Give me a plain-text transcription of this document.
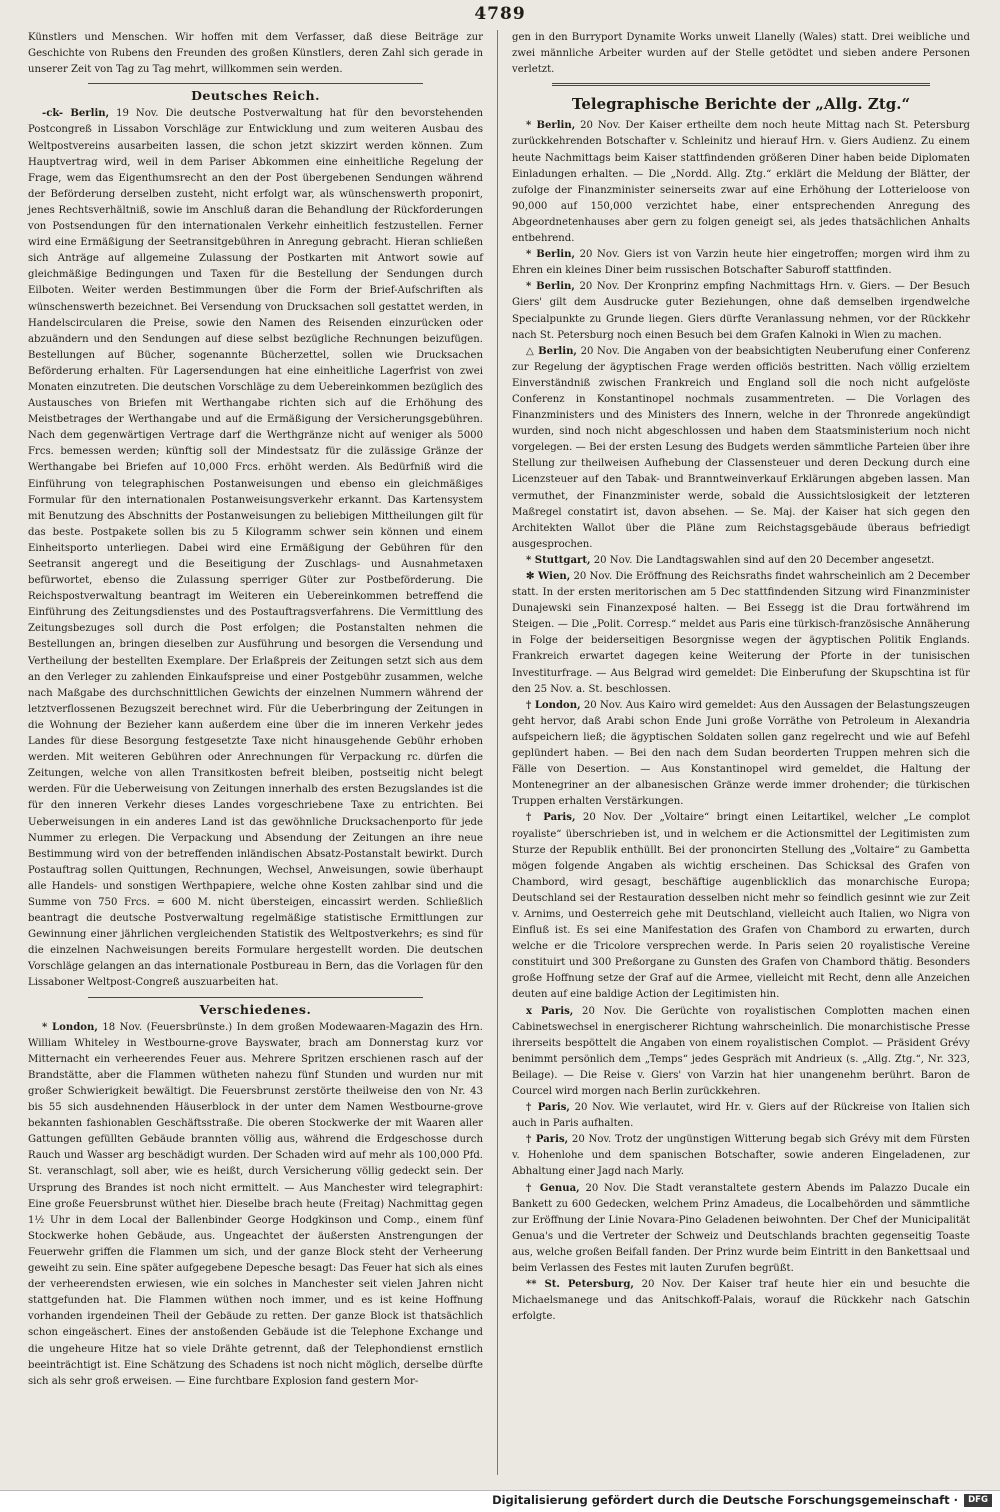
4789

Künstlers und Menschen. Wir hoffen mit dem Verfasser, daß diese Beiträge zur Geschichte von Rubens den Freunden des großen Künstlers, deren Zahl sich gerade in unserer Zeit von Tag zu Tag mehrt, willkommen sein werden.

Deutsches Reich.

-ck- Berlin, 19 Nov. Die deutsche Postverwaltung hat für den bevorstehenden Postcongreß in Lissabon Vorschläge zur Entwicklung und zum weiteren Ausbau des Weltpostvereins ausarbeiten lassen, die schon jetzt skizzirt werden können. Zum Hauptvertrag wird, weil in dem Pariser Abkommen eine einheitliche Regelung der Frage, wem das Eigenthumsrecht an den der Post übergebenen Sendungen während der Beförderung derselben zusteht, nicht erfolgt war, als wünschenswerth proponirt, jenes Rechtsverhältniß, sowie im Anschluß daran die Behandlung der Rückforderungen von Postsendungen für den internationalen Verkehr einheitlich festzustellen. Ferner wird eine Ermäßigung der Seetransitgebühren in Anregung gebracht. Hieran schließen sich Anträge auf allgemeine Zulassung der Postkarten mit Antwort sowie auf gleichmäßige Bedingungen und Taxen für die Bestellung der Sendungen durch Eilboten. Weiter werden Bestimmungen über die Form der Brief-Aufschriften als wünschenswerth bezeichnet. Bei Versendung von Drucksachen soll gestattet werden, in Handelscircularen die Preise, sowie den Namen des Reisenden einzurücken oder abzuändern und den Sendungen auf diese selbst bezügliche Rechnungen beizufügen. Bestellungen auf Bücher, sogenannte Bücherzettel, sollen wie Drucksachen Beförderung erhalten. Für Lagersendungen hat eine einheitliche Lagerfrist von zwei Monaten einzutreten. Die deutschen Vorschläge zu dem Uebereinkommen bezüglich des Austausches von Briefen mit Werthangabe richten sich auf die Erhöhung des Meistbetrages der Werthangabe und auf die Ermäßigung der Versicherungsgebühren. Nach dem gegenwärtigen Vertrage darf die Werthgränze nicht auf weniger als 5000 Frcs. bemessen werden; künftig soll der Mindestsatz für die zulässige Gränze der Werthangabe bei Briefen auf 10,000 Frcs. erhöht werden. Als Bedürfniß wird die Einführung von telegraphischen Postanweisungen und ebenso ein gleichmäßiges Formular für den internationalen Postanweisungsverkehr erkannt. Das Kartensystem mit Benutzung des Abschnitts der Postanweisungen zu beliebigen Mittheilungen gilt für das beste. Postpakete sollen bis zu 5 Kilogramm schwer sein können und einem Einheitsporto unterliegen. Dabei wird eine Ermäßigung der Gebühren für den Seetransit angeregt und die Beseitigung der Zuschlags- und Ausnahmetaxen befürwortet, ebenso die Zulassung sperriger Güter zur Postbeförderung. Die Reichspostverwaltung beantragt im Weiteren ein Uebereinkommen betreffend die Einführung des Zeitungsdienstes und des Postauftragsverfahrens. Die Vermittlung des Zeitungsbezuges soll durch die Post erfolgen; die Postanstalten nehmen die Bestellungen an, bringen dieselben zur Ausführung und besorgen die Versendung und Vertheilung der bestellten Exemplare. Der Erlaßpreis der Zeitungen setzt sich aus dem an den Verleger zu zahlenden Einkaufspreise und einer Postgebühr zusammen, welche nach Maßgabe des durchschnittlichen Gewichts der einzelnen Nummern während der letztverflossenen Bezugszeit berechnet wird. Für die Ueberbringung der Zeitungen in die Wohnung der Bezieher kann außerdem eine über die im inneren Verkehr jedes Landes für diese Besorgung festgesetzte Taxe nicht hinausgehende Gebühr erhoben werden. Mit weiteren Gebühren oder Anrechnungen für Verpackung rc. dürfen die Zeitungen, welche von allen Transitkosten befreit bleiben, postseitig nicht belegt werden. Für die Ueberweisung von Zeitungen innerhalb des ersten Bezugslandes ist die für den inneren Verkehr dieses Landes vorgeschriebene Taxe zu entrichten. Bei Ueberweisungen in ein anderes Land ist das gewöhnliche Drucksachenporto für jede Nummer zu erlegen. Die Verpackung und Absendung der Zeitungen an ihre neue Bestimmung wird von der betreffenden inländischen Absatz-Postanstalt bewirkt. Durch Postauftrag sollen Quittungen, Rechnungen, Wechsel, Anweisungen, sowie überhaupt alle Handels- und sonstigen Werthpapiere, welche ohne Kosten zahlbar sind und die Summe von 750 Frcs. = 600 M. nicht übersteigen, eincassirt werden. Schließlich beantragt die deutsche Postverwaltung regelmäßige statistische Ermittlungen zur Gewinnung einer jährlichen vergleichenden Statistik des Weltpostverkehrs; es sind für die einzelnen Nachweisungen bereits Formulare hergestellt worden. Die deutschen Vorschläge gelangen an das internationale Postbureau in Bern, das die Vorlagen für den Lissaboner Weltpost-Congreß auszuarbeiten hat.

Verschiedenes.

* London, 18 Nov. (Feuersbrünste.) In dem großen Modewaaren-Magazin des Hrn. William Whiteley in Westbourne-grove Bayswater, brach am Donnerstag kurz vor Mitternacht ein verheerendes Feuer aus. Mehrere Spritzen erschienen rasch auf der Brandstätte, aber die Flammen wütheten nahezu fünf Stunden und wurden nur mit großer Schwierigkeit bewältigt. Die Feuersbrunst zerstörte theilweise den von Nr. 43 bis 55 sich ausdehnenden Häuserblock in der unter dem Namen Westbourne-grove bekannten fashionablen Geschäftsstraße. Die oberen Stockwerke der mit Waaren aller Gattungen gefüllten Gebäude brannten völlig aus, während die Erdgeschosse durch Rauch und Wasser arg beschädigt wurden. Der Schaden wird auf mehr als 100,000 Pfd. St. veranschlagt, soll aber, wie es heißt, durch Versicherung völlig gedeckt sein. Der Ursprung des Brandes ist noch nicht ermittelt. — Aus Manchester wird telegraphirt: Eine große Feuersbrunst wüthet hier. Dieselbe brach heute (Freitag) Nachmittag gegen 1½ Uhr in dem Local der Ballenbinder George Hodgkinson und Comp., einem fünf Stockwerke hohen Gebäude, aus. Ungeachtet der äußersten Anstrengungen der Feuerwehr griffen die Flammen um sich, und der ganze Block steht der Verheerung geweiht zu sein. Eine später aufgegebene Depesche besagt: Das Feuer hat sich als eines der verheerendsten erwiesen, wie ein solches in Manchester seit vielen Jahren nicht stattgefunden hat. Die Flammen wüthen noch immer, und es ist keine Hoffnung vorhanden irgendeinen Theil der Gebäude zu retten. Der ganze Block ist thatsächlich schon eingeäschert. Eines der anstoßenden Gebäude ist die Telephone Exchange und die ungeheure Hitze hat so viele Drähte getrennt, daß der Telephondienst ernstlich beeinträchtigt ist. Eine Schätzung des Schadens ist noch nicht möglich, derselbe dürfte sich als sehr groß erweisen. — Eine furchtbare Explosion fand gestern Mor-

gen in den Burryport Dynamite Works unweit Llanelly (Wales) statt. Drei weibliche und zwei männliche Arbeiter wurden auf der Stelle getödtet und sieben andere Personen verletzt.

Telegraphische Berichte der „Allg. Ztg.“

* Berlin, 20 Nov. Der Kaiser ertheilte dem noch heute Mittag nach St. Petersburg zurückkehrenden Botschafter v. Schleinitz und hierauf Hrn. v. Giers Audienz. Zu einem heute Nachmittags beim Kaiser stattfindenden größeren Diner haben beide Diplomaten Einladungen erhalten. — Die „Nordd. Allg. Ztg.“ erklärt die Meldung der Blätter, der zufolge der Finanzminister seinerseits zwar auf eine Erhöhung der Lotterieloose von 90,000 auf 150,000 verzichtet habe, einer entsprechenden Anregung des Abgeordnetenhauses aber gern zu folgen geneigt sei, als jedes thatsächlichen Anhalts entbehrend.

* Berlin, 20 Nov. Giers ist von Varzin heute hier eingetroffen; morgen wird ihm zu Ehren ein kleines Diner beim russischen Botschafter Saburoff stattfinden.

* Berlin, 20 Nov. Der Kronprinz empfing Nachmittags Hrn. v. Giers. — Der Besuch Giers' gilt dem Ausdrucke guter Beziehungen, ohne daß demselben irgendwelche Specialpunkte zu Grunde liegen. Giers dürfte Veranlassung nehmen, vor der Rückkehr nach St. Petersburg noch einen Besuch bei dem Grafen Kalnoki in Wien zu machen.

△ Berlin, 20 Nov. Die Angaben von der beabsichtigten Neuberufung einer Conferenz zur Regelung der ägyptischen Frage werden officiös bestritten. Nach völlig erzieltem Einverständniß zwischen Frankreich und England soll die noch nicht aufgelöste Conferenz in Konstantinopel nochmals zusammentreten. — Die Vorlagen des Finanzministers und des Ministers des Innern, welche in der Thronrede angekündigt wurden, sind noch nicht abgeschlossen und haben dem Staatsministerium noch nicht vorgelegen. — Bei der ersten Lesung des Budgets werden sämmtliche Parteien über ihre Stellung zur theilweisen Aufhebung der Classensteuer und deren Deckung durch eine Licenzsteuer auf den Tabak- und Branntweinverkauf Erklärungen abgeben lassen. Man vermuthet, der Finanzminister werde, sobald die Aussichtslosigkeit der letzteren Maßregel constatirt ist, davon absehen. — Se. Maj. der Kaiser hat sich gegen den Architekten Wallot über die Pläne zum Reichstagsgebäude überaus befriedigt ausgesprochen.

* Stuttgart, 20 Nov. Die Landtagswahlen sind auf den 20 December angesetzt.

✻ Wien, 20 Nov. Die Eröffnung des Reichsraths findet wahrscheinlich am 2 December statt. In der ersten meritorischen am 5 Dec stattfindenden Sitzung wird Finanzminister Dunajewski sein Finanzexposé halten. — Bei Essegg ist die Drau fortwährend im Steigen. — Die „Polit. Corresp.“ meldet aus Paris eine türkisch-französische Annäherung in Folge der beiderseitigen Besorgnisse wegen der ägyptischen Politik Englands. Frankreich erwartet dagegen keine Weiterung der Pforte in der tunisischen Investiturfrage. — Aus Belgrad wird gemeldet: Die Einberufung der Skupschtina ist für den 25 Nov. a. St. beschlossen.

† London, 20 Nov. Aus Kairo wird gemeldet: Aus den Aussagen der Belastungszeugen geht hervor, daß Arabi schon Ende Juni große Vorräthe von Petroleum in Alexandria aufspeichern ließ; die ägyptischen Soldaten sollen ganz regelrecht und wie auf Befehl geplündert haben. — Bei den nach dem Sudan beorderten Truppen mehren sich die Fälle von Desertion. — Aus Konstantinopel wird gemeldet, die Haltung der Montenegriner an der albanesischen Gränze werde immer drohender; die türkischen Truppen erhalten Verstärkungen.

† Paris, 20 Nov. Der „Voltaire“ bringt einen Leitartikel, welcher „Le complot royaliste“ überschrieben ist, und in welchem er die Actionsmittel der Legitimisten zum Sturze der Republik enthüllt. Bei der prononcirten Stellung des „Voltaire“ zu Gambetta mögen folgende Angaben als wichtig erscheinen. Das Schicksal des Grafen von Chambord, wird gesagt, beschäftige augenblicklich das monarchische Europa; Deutschland sei der Restauration desselben nicht mehr so feindlich gesinnt wie zur Zeit v. Arnims, und Oesterreich gehe mit Deutschland, vielleicht auch Italien, wo Nigra von Einfluß ist. Es sei eine Manifestation des Grafen von Chambord zu erwarten, durch welche er die Tricolore versprechen werde. In Paris seien 20 royalistische Vereine constituirt und 300 Preßorgane zu Gunsten des Grafen von Chambord thätig. Besonders große Hoffnung setze der Graf auf die Armee, vielleicht mit Recht, denn alle Anzeichen deuten auf eine baldige Action der Legitimisten hin.

x Paris, 20 Nov. Die Gerüchte von royalistischen Complotten machen einen Cabinetswechsel in energischerer Richtung wahrscheinlich. Die monarchistische Presse ihrerseits bespöttelt die Angaben von einem royalistischen Complot. — Präsident Grévy benimmt persönlich dem „Temps“ jedes Gespräch mit Andrieux (s. „Allg. Ztg.“, Nr. 323, Beilage). — Die Reise v. Giers' von Varzin hat hier unangenehm berührt. Baron de Courcel wird morgen nach Berlin zurückkehren.

† Paris, 20 Nov. Wie verlautet, wird Hr. v. Giers auf der Rückreise von Italien sich auch in Paris aufhalten.

† Paris, 20 Nov. Trotz der ungünstigen Witterung begab sich Grévy mit dem Fürsten v. Hohenlohe und dem spanischen Botschafter, sowie anderen Eingeladenen, zur Abhaltung einer Jagd nach Marly.

† Genua, 20 Nov. Die Stadt veranstaltete gestern Abends im Palazzo Ducale ein Bankett zu 600 Gedecken, welchem Prinz Amadeus, die Localbehörden und sämmtliche zur Eröffnung der Linie Novara-Pino Geladenen beiwohnten. Der Chef der Municipalität Genua's und die Vertreter der Schweiz und Deutschlands brachten gegenseitig Toaste aus, welche großen Beifall fanden. Der Prinz wurde beim Eintritt in den Bankettsaal und beim Verlassen des Festes mit lauten Zurufen begrüßt.

** St. Petersburg, 20 Nov. Der Kaiser traf heute hier ein und besuchte die Michaelsmanege und das Anitschkoff-Palais, worauf die Rückkehr nach Gatschin erfolgte.

Digitalisierung gefördert durch die Deutsche Forschungsgemeinschaft ·	DFG
